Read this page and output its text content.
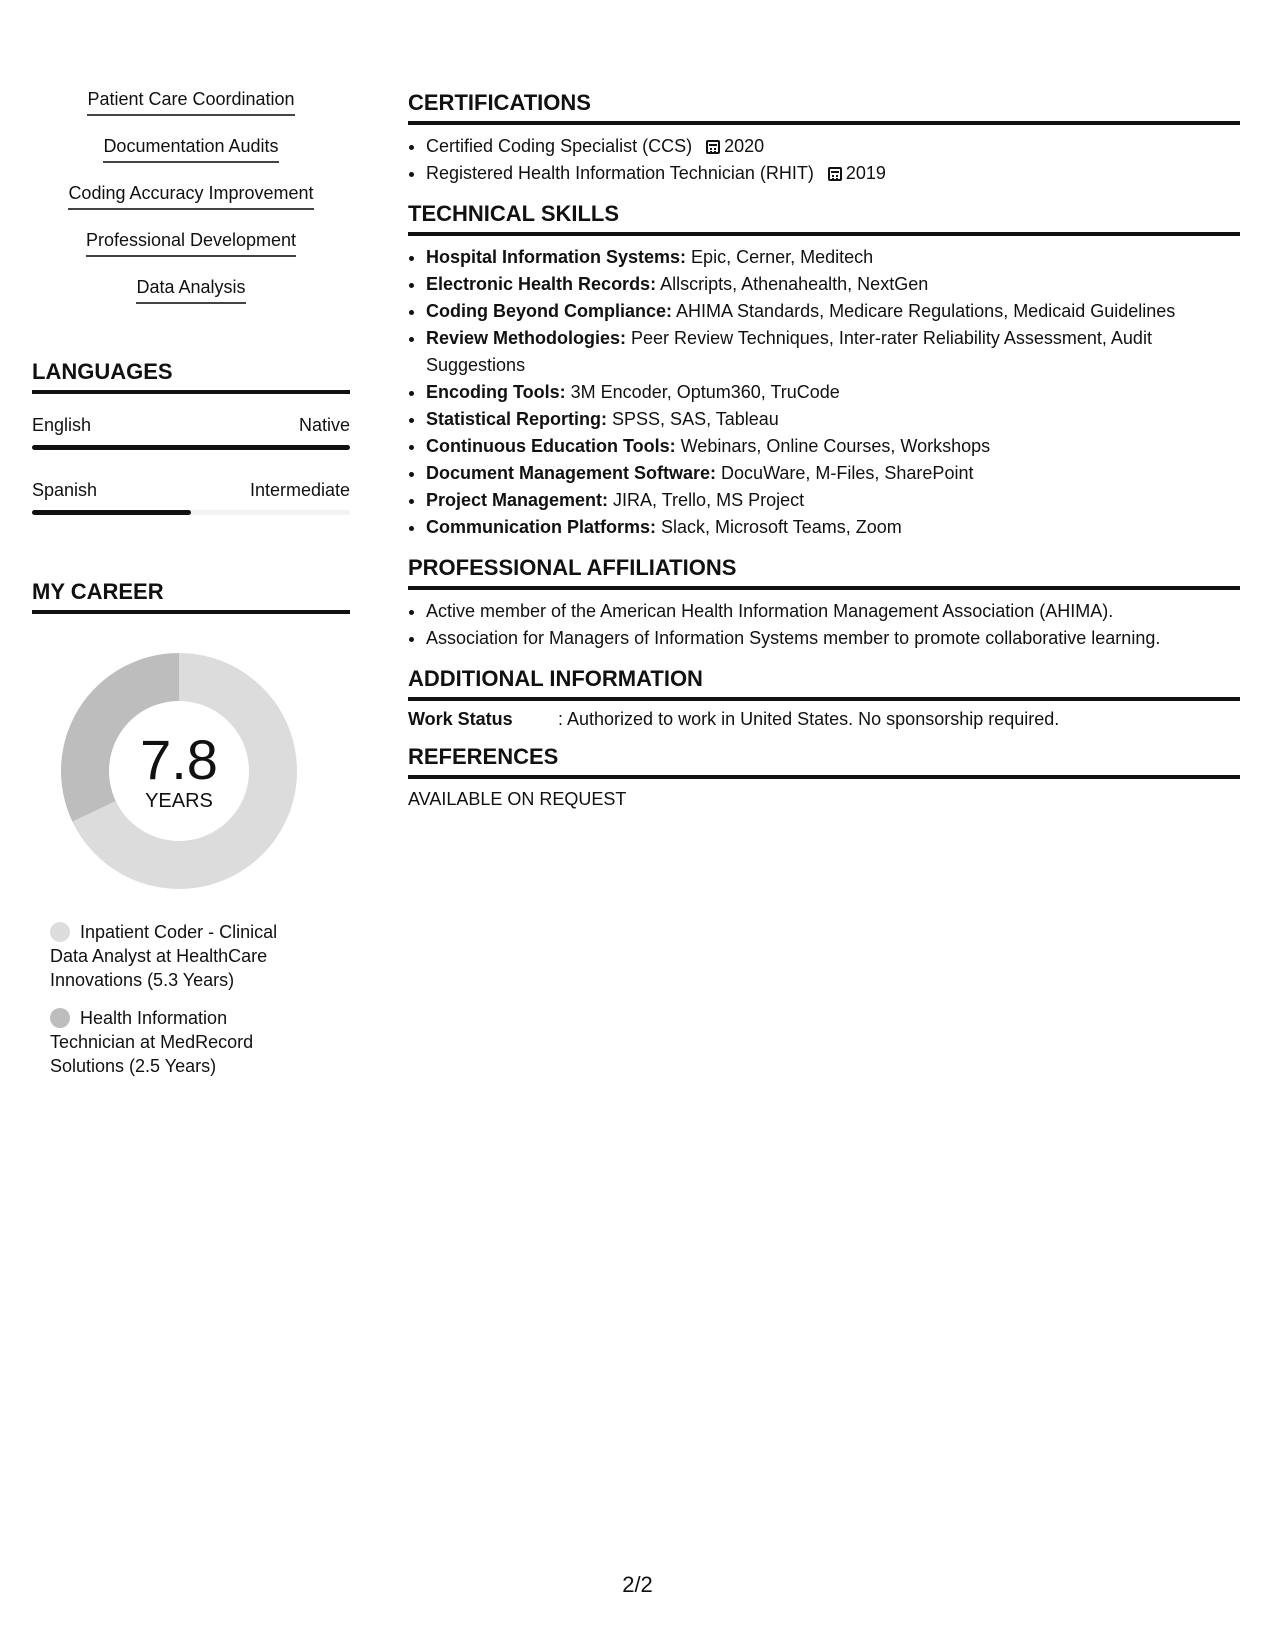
Patient Care Coordination
Documentation Audits
Coding Accuracy Improvement
Professional Development
Data Analysis
LANGUAGES
English	Native
Spanish	Intermediate
MY CAREER
7.8
YEARS
Inpatient Coder - Clinical Data Analyst at HealthCare Innovations (5.3 Years)
Health Information Technician at MedRecord Solutions (2.5 Years)
CERTIFICATIONS
• Certified Coding Specialist (CCS) 2020
• Registered Health Information Technician (RHIT) 2019
TECHNICAL SKILLS
• Hospital Information Systems: Epic, Cerner, Meditech
• Electronic Health Records: Allscripts, Athenahealth, NextGen
• Coding Beyond Compliance: AHIMA Standards, Medicare Regulations, Medicaid Guidelines
• Review Methodologies: Peer Review Techniques, Inter-rater Reliability Assessment, Audit Suggestions
• Encoding Tools: 3M Encoder, Optum360, TruCode
• Statistical Reporting: SPSS, SAS, Tableau
• Continuous Education Tools: Webinars, Online Courses, Workshops
• Document Management Software: DocuWare, M-Files, SharePoint
• Project Management: JIRA, Trello, MS Project
• Communication Platforms: Slack, Microsoft Teams, Zoom
PROFESSIONAL AFFILIATIONS
• Active member of the American Health Information Management Association (AHIMA).
• Association for Managers of Information Systems member to promote collaborative learning.
ADDITIONAL INFORMATION
Work Status	: Authorized to work in United States. No sponsorship required.
REFERENCES
AVAILABLE ON REQUEST
2/2
